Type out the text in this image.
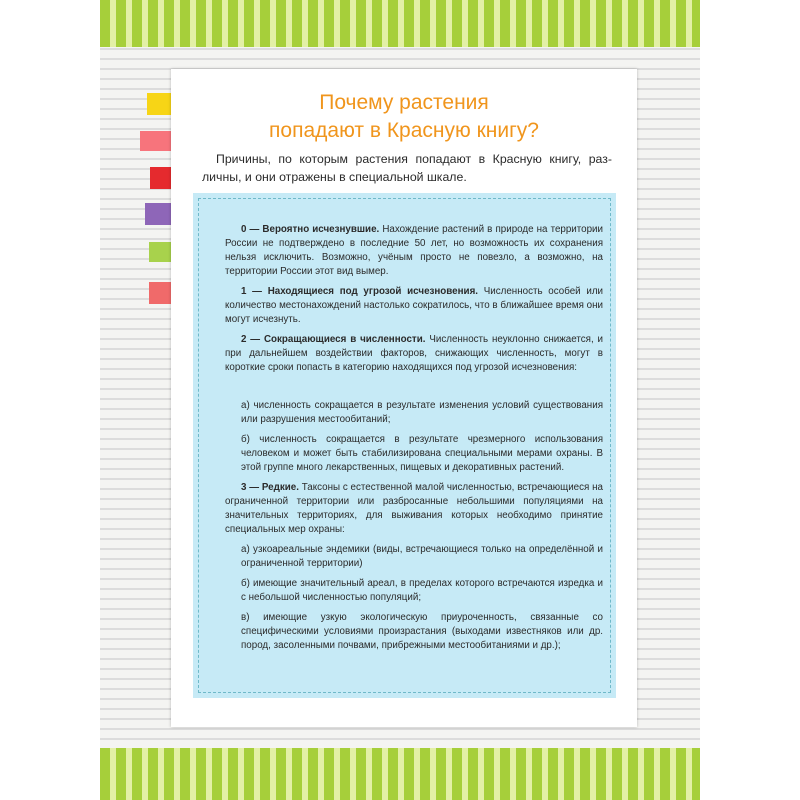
Почему растения
попадают в Красную книгу?

Причины, по которым растения попадают в Красную книгу, различны, и они отражены в специальной шкале.

0 — Вероятно исчезнувшие. Нахождение растений в природе на территории России не подтверждено в последние 50 лет, но возможность их сохранения нельзя исключить. Возможно, учёным просто не повезло, а возможно, на территории России этот вид вымер.

1 — Находящиеся под угрозой исчезновения. Численность особей или количество местонахождений настолько сократилось, что в ближайшее время они могут исчезнуть.

2 — Сокращающиеся в численности. Численность неуклонно снижается, и при дальнейшем воздействии факторов, снижающих численность, могут в короткие сроки попасть в категорию находящихся под угрозой исчезновения:

а) численность сокращается в результате изменения условий существования или разрушения местообитаний;

б) численность сокращается в результате чрезмерного использования человеком и может быть стабилизирована специальными мерами охраны. В этой группе много лекарственных, пищевых и декоративных растений.

3 — Редкие. Таксоны с естественной малой численностью, встречающиеся на ограниченной территории или разбросанные небольшими популяциями на значительных территориях, для выживания которых необходимо принятие специальных мер охраны:

а) узкоареальные эндемики (виды, встречающиеся только на определённой и ограниченной территории)

б) имеющие значительный ареал, в пределах которого встречаются изредка и с небольшой численностью популяций;

в) имеющие узкую экологическую приуроченность, связанные со специфическими условиями произрастания (выходами известняков или др. пород, засоленными почвами, прибрежными местообитаниями и др.);
